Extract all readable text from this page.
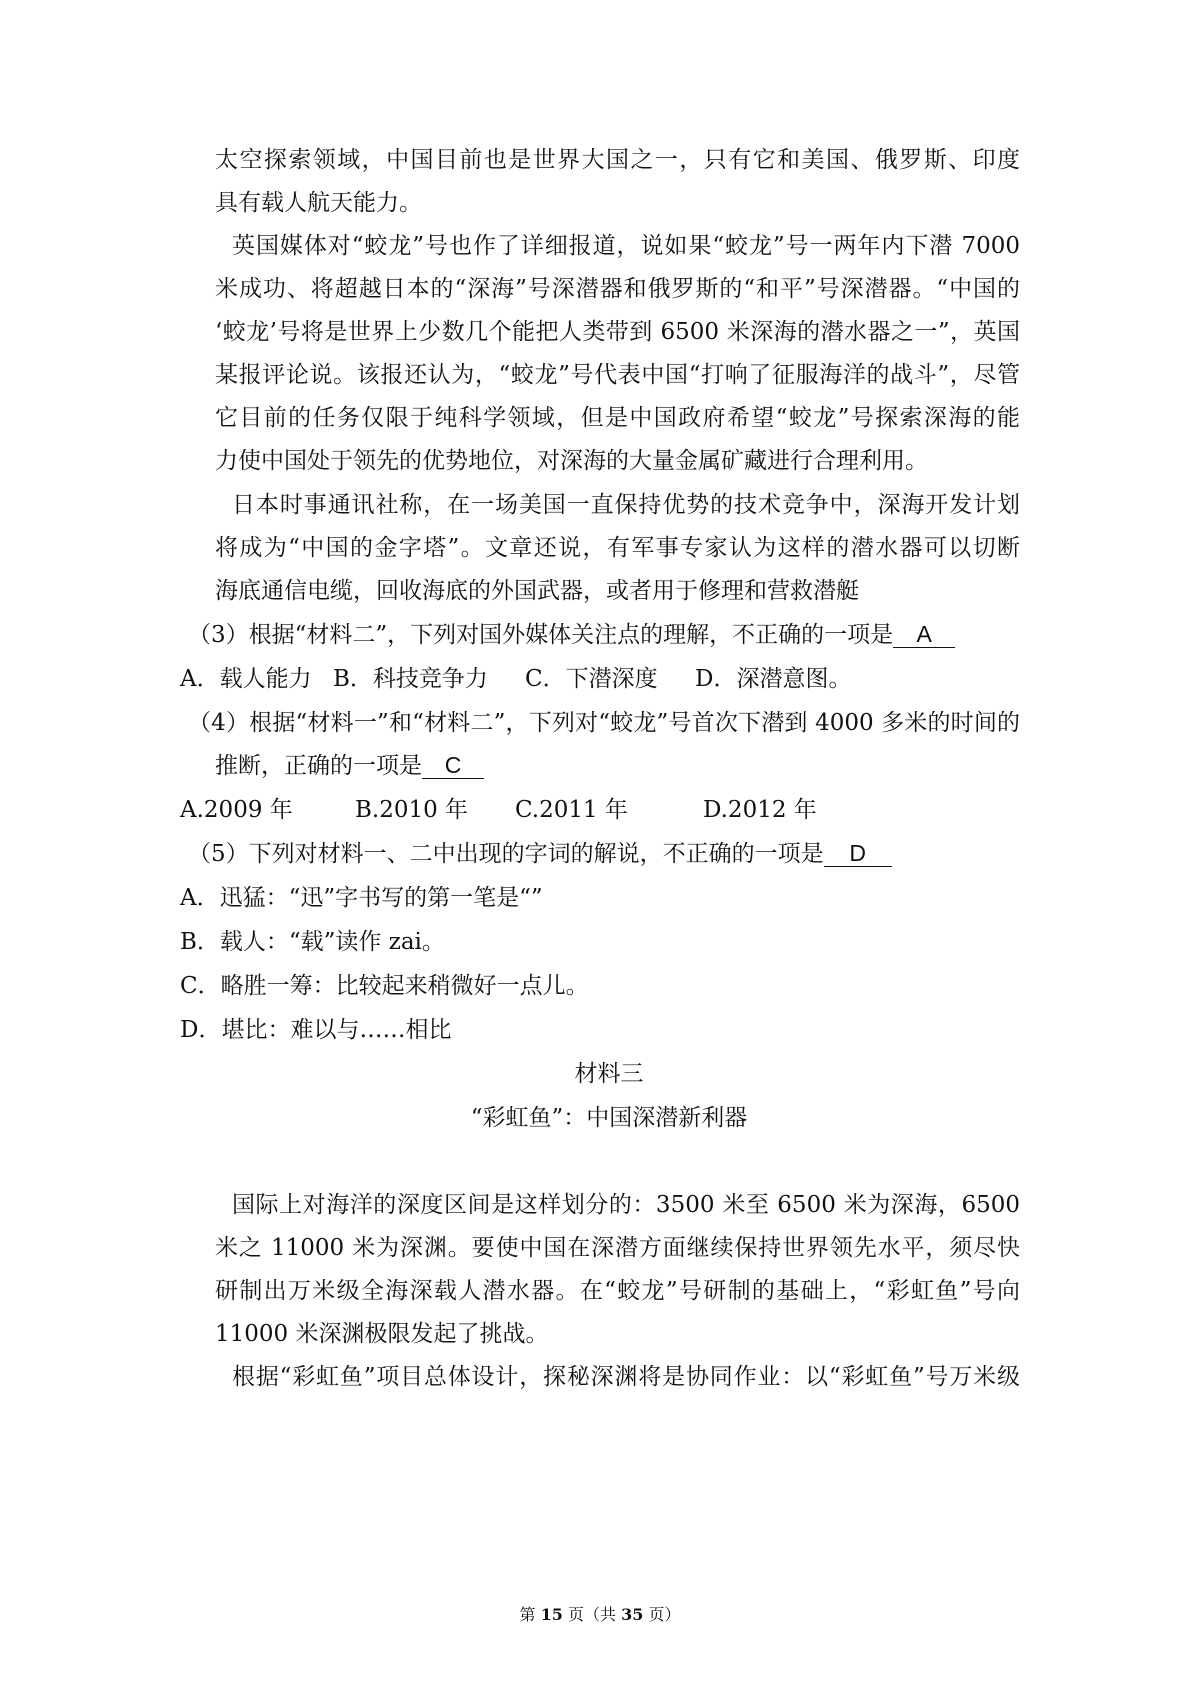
太空探索领域，中国目前也是世界大国之一，只有它和美国、俄罗斯、印度
具有载人航天能力。
英国媒体对“蛟龙”号也作了详细报道，说如果“蛟龙”号一两年内下潜 7000
米成功、将超越日本的“深海”号深潜器和俄罗斯的“和平”号深潜器。“中国的
‘蛟龙’号将是世界上少数几个能把人类带到 6500 米深海的潜水器之一”，英国
某报评论说。该报还认为，“蛟龙”号代表中国“打响了征服海洋的战斗”，尽管
它目前的任务仅限于纯科学领域，但是中国政府希望“蛟龙”号探索深海的能
力使中国处于领先的优势地位，对深海的大量金属矿藏进行合理利用。
日本时事通讯社称，在一场美国一直保持优势的技术竞争中，深海开发计划
将成为“中国的金字塔”。文章还说，有军事专家认为这样的潜水器可以切断
海底通信电缆，回收海底的外国武器，或者用于修理和营救潜艇
（3）根据“材料二”，下列对国外媒体关注点的理解，不正确的一项是 A
A．载人能力 B．科技竞争力 C．下潜深度 D．深潜意图。
（4）根据“材料一”和“材料二”，下列对“蛟龙”号首次下潜到 4000 多米的时间的
推断，正确的一项是 C
A.2009 年	B.2010 年 C.2011 年	D.2012 年
（5）下列对材料一、二中出现的字词的解说，不正确的一项是 D
A．迅猛：“迅”字书写的第一笔是“”
B．载人：“载”读作 zai。
C．略胜一筹：比较起来稍微好一点儿。
D．堪比：难以与……相比
材料三
“彩虹鱼”：中国深潜新利器
国际上对海洋的深度区间是这样划分的：3500 米至 6500 米为深海，6500
米之 11000 米为深渊。要使中国在深潜方面继续保持世界领先水平，须尽快
研制出万米级全海深载人潜水器。在“蛟龙”号研制的基础上，“彩虹鱼”号向
11000 米深渊极限发起了挑战。
根据“彩虹鱼”项目总体设计，探秘深渊将是协同作业：以“彩虹鱼”号万米级
第 15 页（共 35 页）
